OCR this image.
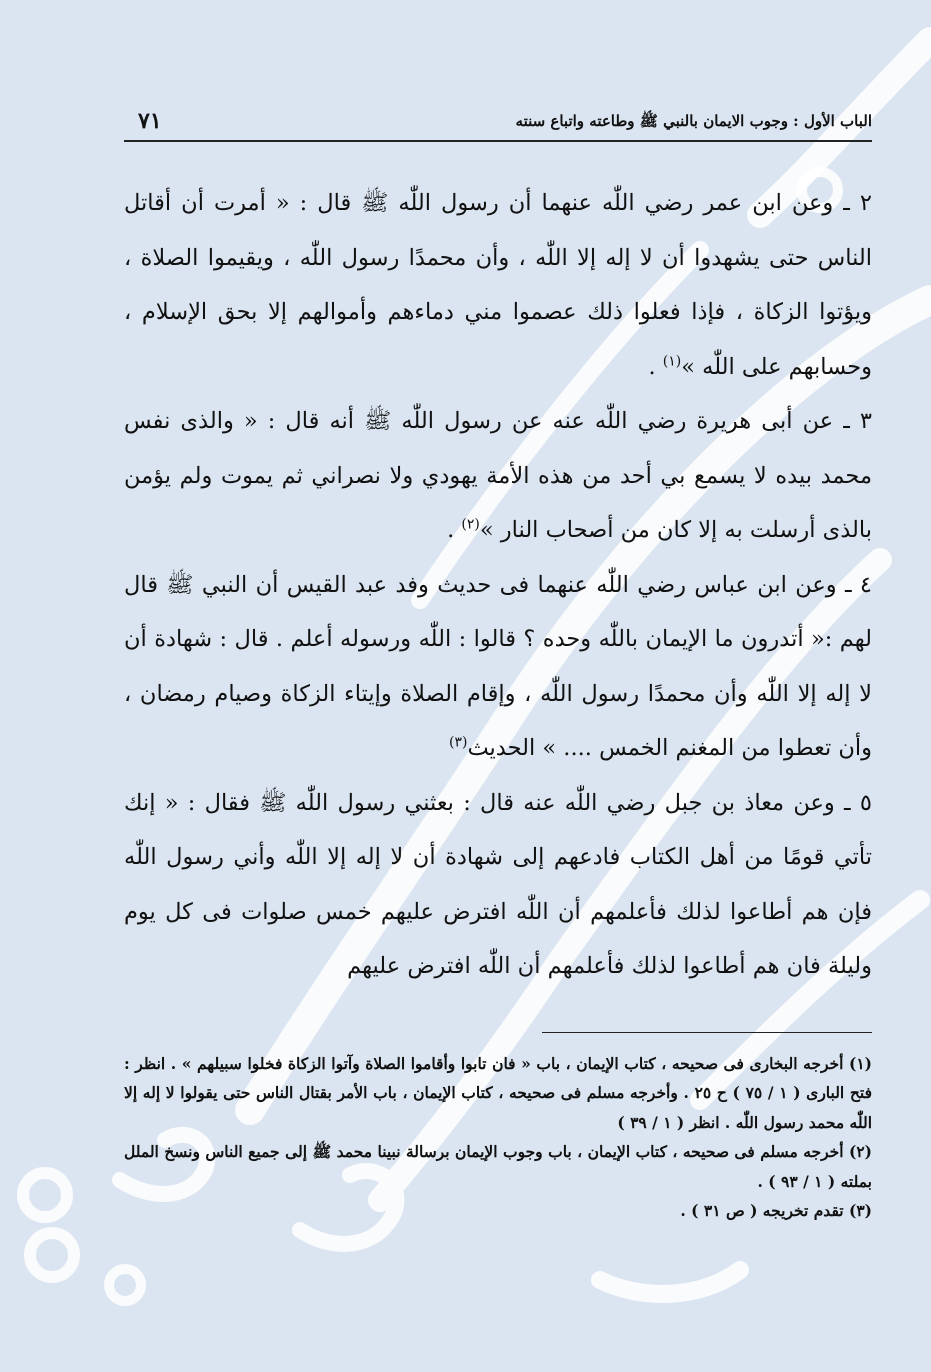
الباب الأول : وجوب الايمان بالنبي ﷺ وطاعته واتباع سنته
٧١

٢ ـ وعن ابن عمر رضي اللّٰه عنهما أن رسول اللّٰه ﷺ قال : « أمرت أن أقاتل الناس حتى يشهدوا أن لا إله إلا اللّٰه ، وأن محمدًا رسول اللّٰه ، ويقيموا الصلاة ، ويؤتوا الزكاة ، فإذا فعلوا ذلك عصموا مني دماءهم وأموالهم إلا بحق الإسلام ، وحسابهم على اللّٰه »$^{(١)}$ .

٣ ـ عن أبى هريرة رضي اللّٰه عنه عن رسول اللّٰه ﷺ أنه قال : « والذى نفس محمد بيده لا يسمع بي أحد من هذه الأمة يهودي ولا نصراني ثم يموت ولم يؤمن بالذى أرسلت به إلا كان من أصحاب النار »$^{(٢)}$ .

٤ ـ وعن ابن عباس رضي اللّٰه عنهما فى حديث وفد عبد القيس أن النبي ﷺ قال لهم :« أتدرون ما الإيمان باللّٰه وحده ؟ قالوا : اللّٰه ورسوله أعلم . قال : شهادة أن لا إله إلا اللّٰه وأن محمدًا رسول اللّٰه ، وإقام الصلاة وإيتاء الزكاة وصيام رمضان ، وأن تعطوا من المغنم الخمس .... » الحديث$^{(٣)}$

٥ ـ وعن معاذ بن جبل رضي اللّٰه عنه قال : بعثني رسول اللّٰه ﷺ فقال : « إنك تأتي قومًا من أهل الكتاب فادعهم إلى شهادة أن لا إله إلا اللّٰه وأني رسول اللّٰه فإن هم أطاعوا لذلك فأعلمهم أن اللّٰه افترض عليهم خمس صلوات فى كل يوم وليلة فان هم أطاعوا لذلك فأعلمهم أن اللّٰه افترض عليهم

(١) أخرجه البخارى فى صحيحه ، كتاب الإيمان ، باب « فان تابوا وأقاموا الصلاة وآتوا الزكاة فخلوا سبيلهم » . انظر : فتح البارى ( ١ / ٧٥ ) ح ٢٥ . وأخرجه مسلم فى صحيحه ، كتاب الإيمان ، باب الأمر بقتال الناس حتى يقولوا لا إله إلا اللّٰه محمد رسول اللّٰه . انظر ( ١ / ٣٩ )

(٢) أخرجه مسلم فى صحيحه ، كتاب الإيمان ، باب وجوب الإيمان برسالة نبينا محمد ﷺ إلى جميع الناس ونسخ الملل بملته ( ١ / ٩٣ ) .

(٣) تقدم تخريجه ( ص ٣١ ) .
